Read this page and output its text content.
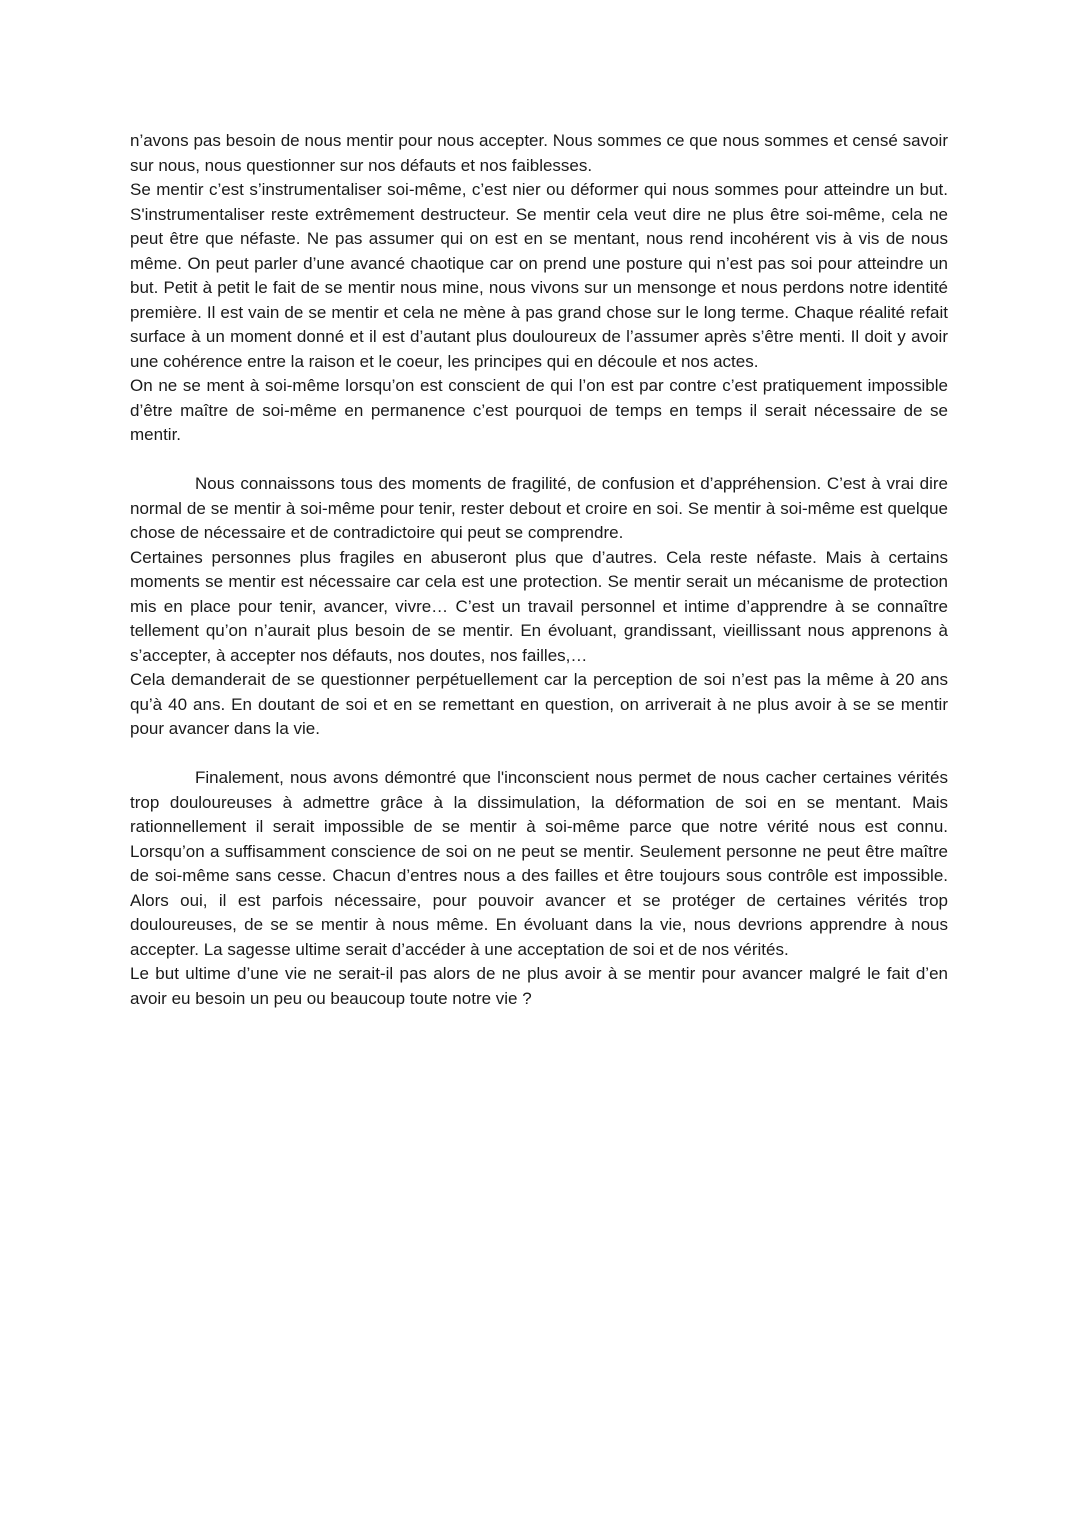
n’avons pas besoin de nous mentir pour nous accepter. Nous sommes ce que nous sommes et censé savoir sur nous, nous questionner sur nos défauts et nos faiblesses.

Se mentir c’est s’instrumentaliser soi-même, c’est nier ou déformer qui nous sommes pour atteindre un but. S'instrumentaliser reste extrêmement destructeur. Se mentir cela veut dire ne plus être soi-même, cela ne peut être que néfaste. Ne pas assumer qui on est en se mentant, nous rend incohérent vis à vis de nous même. On peut parler d’une avancé chaotique car on prend une posture qui n’est pas soi pour atteindre un but. Petit à petit le fait de se mentir nous mine, nous vivons sur un mensonge et nous perdons notre identité première. Il est vain de se mentir et cela ne mène à pas grand chose sur le long terme. Chaque réalité refait surface à un moment donné et il est d’autant plus douloureux de l’assumer après s’être menti. Il doit y avoir une cohérence entre la raison et le coeur, les principes qui en découle et nos actes.

On ne se ment à soi-même lorsqu’on est conscient de qui l’on est par contre c’est pratiquement impossible d’être maître de soi-même en permanence c’est pourquoi de temps en temps il serait nécessaire de se mentir.

Nous connaissons tous des moments de fragilité, de confusion et d’appréhension. C’est à vrai dire normal de se mentir à soi-même pour tenir, rester debout et croire en soi. Se mentir à soi-même est quelque chose de nécessaire et de contradictoire qui peut se comprendre.

Certaines personnes plus fragiles en abuseront plus que d’autres. Cela reste néfaste. Mais à certains moments se mentir est nécessaire car cela est une protection. Se mentir serait un mécanisme de protection mis en place pour tenir, avancer, vivre… C’est un travail personnel et intime d’apprendre à se connaître tellement qu’on n’aurait plus besoin de se mentir. En évoluant, grandissant, vieillissant nous apprenons à s’accepter, à accepter nos défauts, nos doutes, nos failles,…

Cela demanderait de se questionner perpétuellement car la perception de soi n’est pas la même à 20 ans qu’à 40 ans. En doutant de soi et en se remettant en question, on arriverait à ne plus avoir à se se mentir pour avancer dans la vie.

Finalement, nous avons démontré que l'inconscient nous permet de nous cacher certaines vérités trop douloureuses à admettre grâce à la dissimulation, la déformation de soi en se mentant. Mais rationnellement il serait impossible de se mentir à soi-même parce que notre vérité nous est connu. Lorsqu’on a suffisamment conscience de soi on ne peut se mentir. Seulement personne ne peut être maître de soi-même sans cesse. Chacun d’entres nous a des failles et être toujours sous contrôle est impossible. Alors oui, il est parfois nécessaire, pour pouvoir avancer et se protéger de certaines vérités trop douloureuses, de se se mentir à nous même. En évoluant dans la vie, nous devrions apprendre à nous accepter. La sagesse ultime serait d’accéder à une acceptation de soi et de nos vérités.

Le but ultime d’une vie ne serait-il pas alors de ne plus avoir à se mentir pour avancer malgré le fait d’en avoir eu besoin un peu ou beaucoup toute notre vie ?
